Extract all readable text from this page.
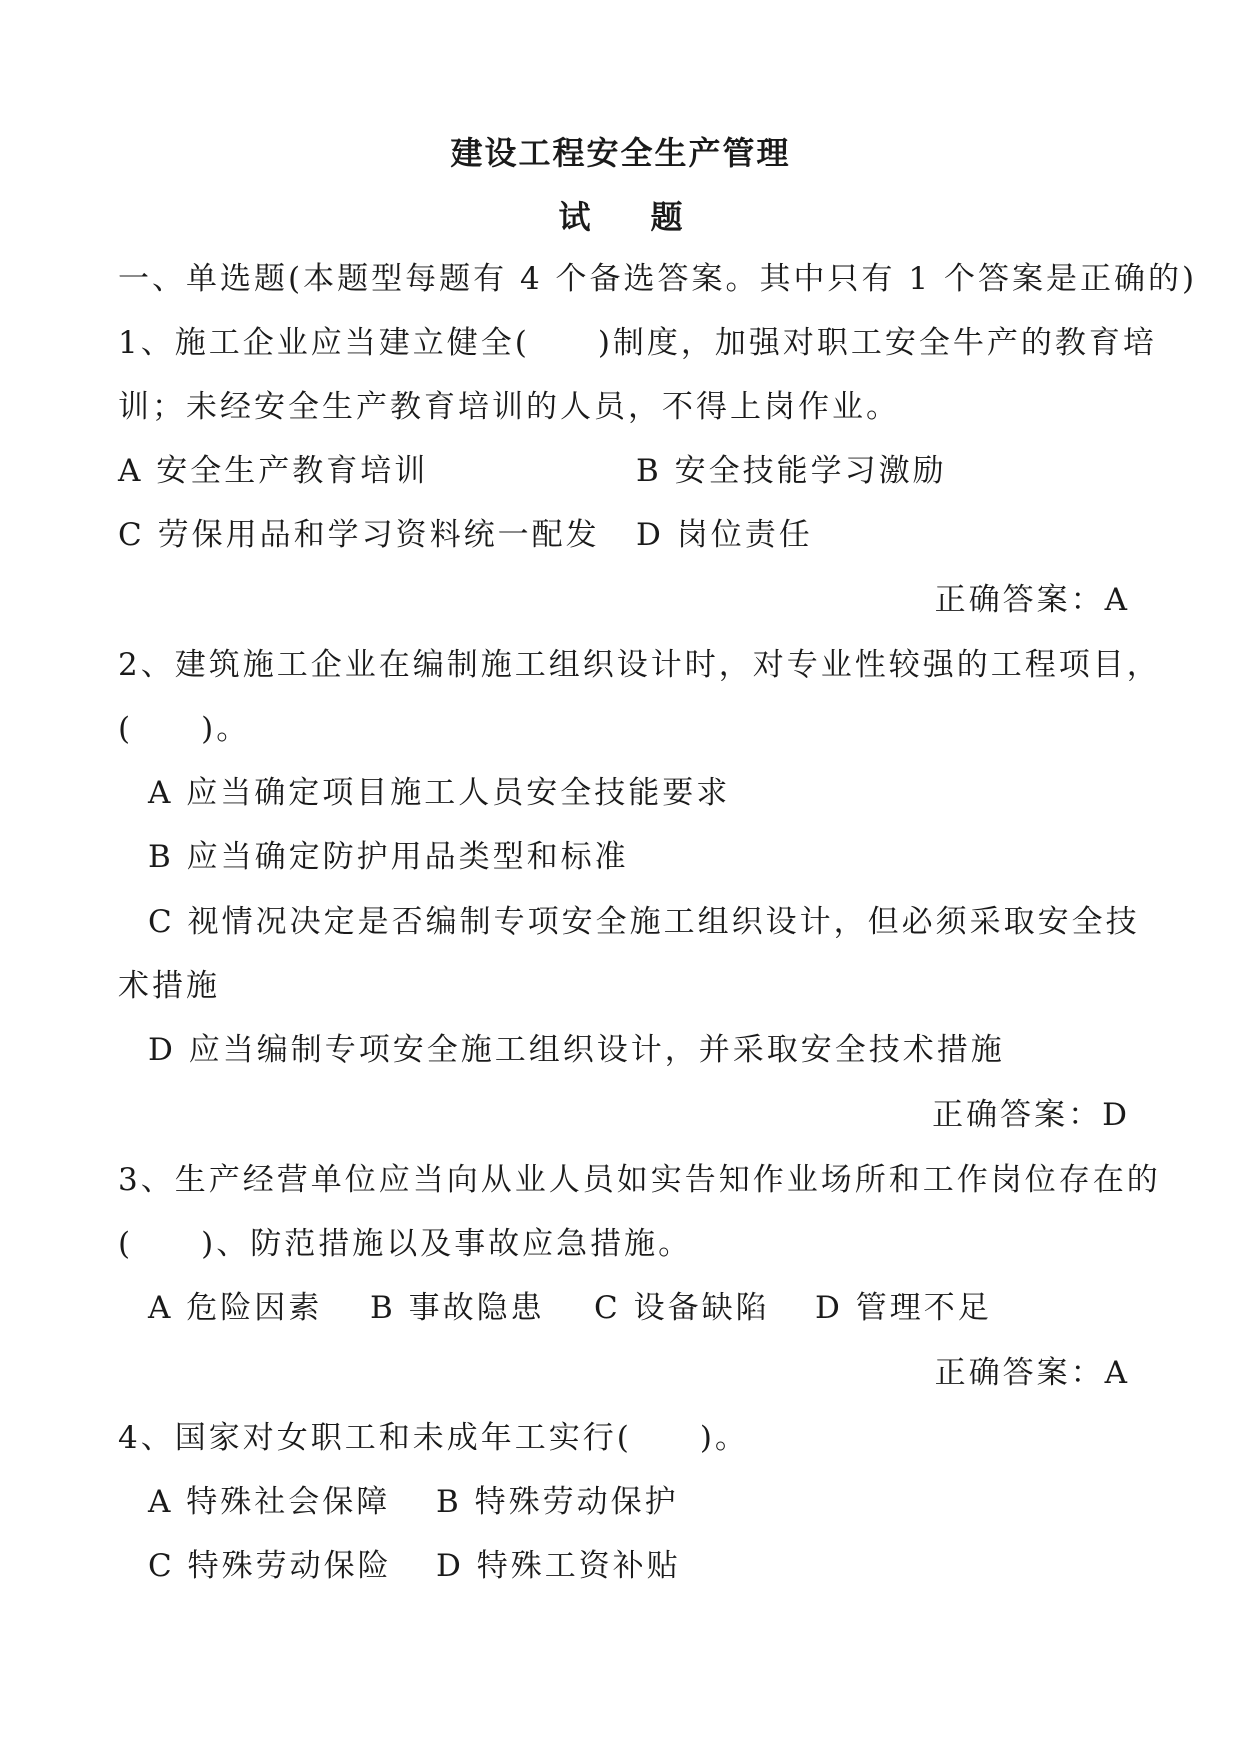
建设工程安全生产管理
试题
一、单选题(本题型每题有 4 个备选答案。其中只有 1 个答案是正确的)
1、施工企业应当建立健全(　　)制度，加强对职工安全牛产的教育培
训；未经安全生产教育培训的人员，不得上岗作业。
A 安全生产教育培训	B 安全技能学习激励
C 劳保用品和学习资料统一配发 D 岗位责任
正确答案：A
2、建筑施工企业在编制施工组织设计时，对专业性较强的工程项目，
(　　)。
A 应当确定项目施工人员安全技能要求
B 应当确定防护用品类型和标准
C 视情况决定是否编制专项安全施工组织设计，但必须采取安全技
术措施
D 应当编制专项安全施工组织设计，并采取安全技术措施
正确答案：D
3、生产经营单位应当向从业人员如实告知作业场所和工作岗位存在的
(　　)、防范措施以及事故应急措施。
A 危险因素 B 事故隐患 C 设备缺陷 D 管理不足
正确答案：A
4、国家对女职工和未成年工实行(　　)。
A 特殊社会保障 B 特殊劳动保护
C 特殊劳动保险 D 特殊工资补贴
